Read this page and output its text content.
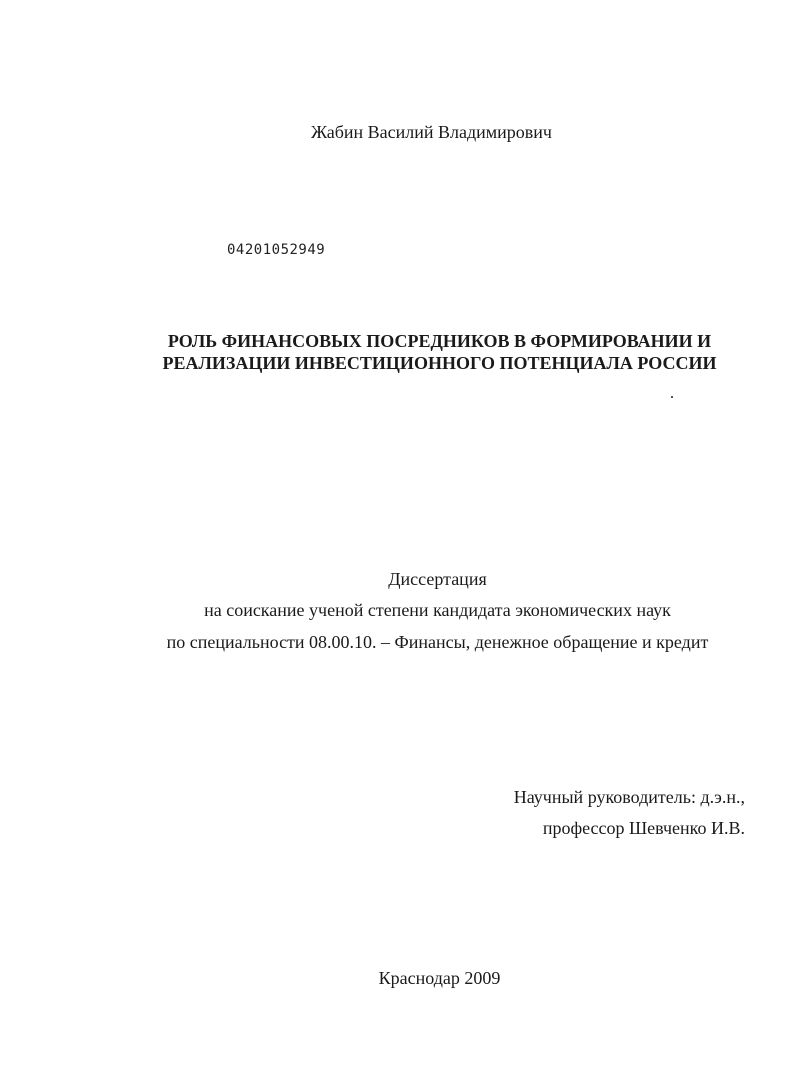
Жабин Василий Владимирович
04201052949
РОЛЬ ФИНАНСОВЫХ ПОСРЕДНИКОВ В ФОРМИРОВАНИИ И
РЕАЛИЗАЦИИ ИНВЕСТИЦИОННОГО ПОТЕНЦИАЛА РОССИИ
Диссертация
на соискание ученой степени кандидата экономических наук
по специальности 08.00.10. – Финансы, денежное обращение и кредит
Научный руководитель: д.э.н.,
профессор Шевченко И.В.
Краснодар 2009
